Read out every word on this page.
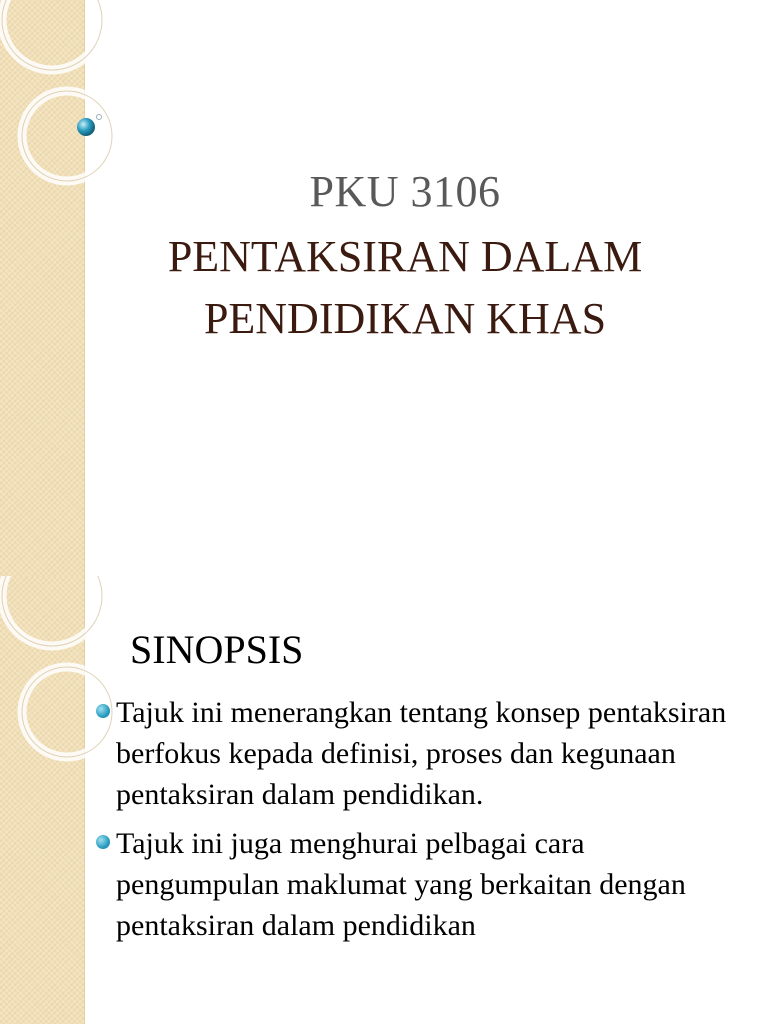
PKU 3106
PENTAKSIRAN DALAM
PENDIDIKAN KHAS
SINOPSIS
Tajuk ini menerangkan tentang konsep pentaksiran berfokus kepada definisi, proses dan kegunaan pentaksiran dalam pendidikan.
Tajuk ini juga menghurai pelbagai cara pengumpulan maklumat yang berkaitan dengan pentaksiran dalam pendidikan
